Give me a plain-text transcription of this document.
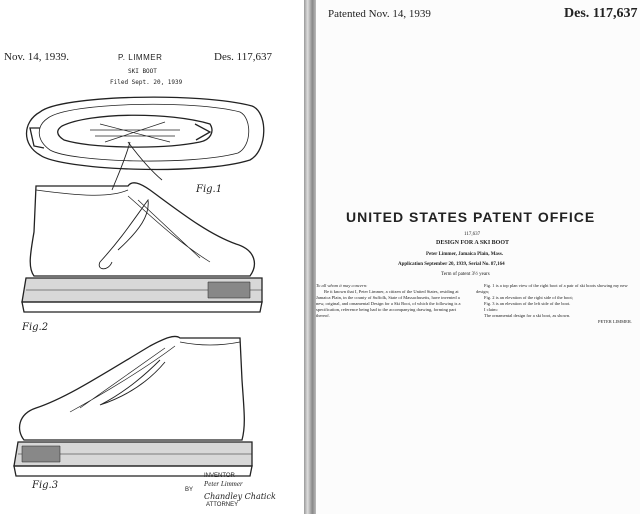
Nov. 14, 1939.	P. LIMMER	Des. 117,637
SKI BOOT
Filed Sept. 20, 1939
Fig.1
Fig.2
Fig.3
INVENTOR
Peter Limmer
BY
Chandley Chatick
ATTORNEY
Patented Nov. 14, 1939	Des. 117,637
UNITED STATES PATENT OFFICE
117,637
DESIGN FOR A SKI BOOT
Peter Limmer, Jamaica Plain, Mass.
Application September 20, 1939, Serial No. 87,164
Term of patent 3½ years

To all whom it may concern:

Be it known that I, Peter Limmer, a citizen of the United States, residing at Jamaica Plain, in the county of Suffolk, State of Massachusetts, have invented a new, original, and ornamental Design for a Ski Boot, of which the following is a specification, reference being had to the accompanying drawing, forming part thereof.

Fig. 1 is a top plan view of the right boot of a pair of ski boots showing my new design;

Fig. 2 is an elevation of the right side of the boot;

Fig. 3 is an elevation of the left side of the boot.

I claim:

The ornamental design for a ski boot, as shown.

PETER LIMMER.
